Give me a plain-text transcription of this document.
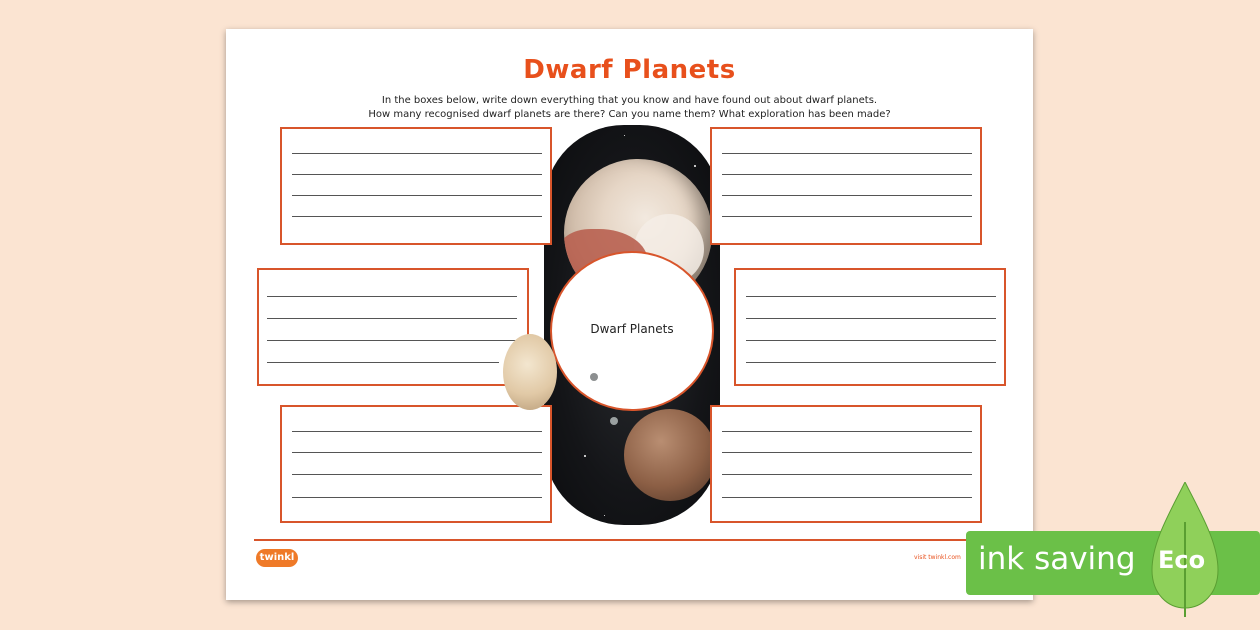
Dwarf Planets
In the boxes below, write down everything that you know and have found out about dwarf planets.
How many recognised dwarf planets are there? Can you name them? What exploration has been made?
Dwarf Planets
twinkl	visit twinkl.com ink saving Eco
